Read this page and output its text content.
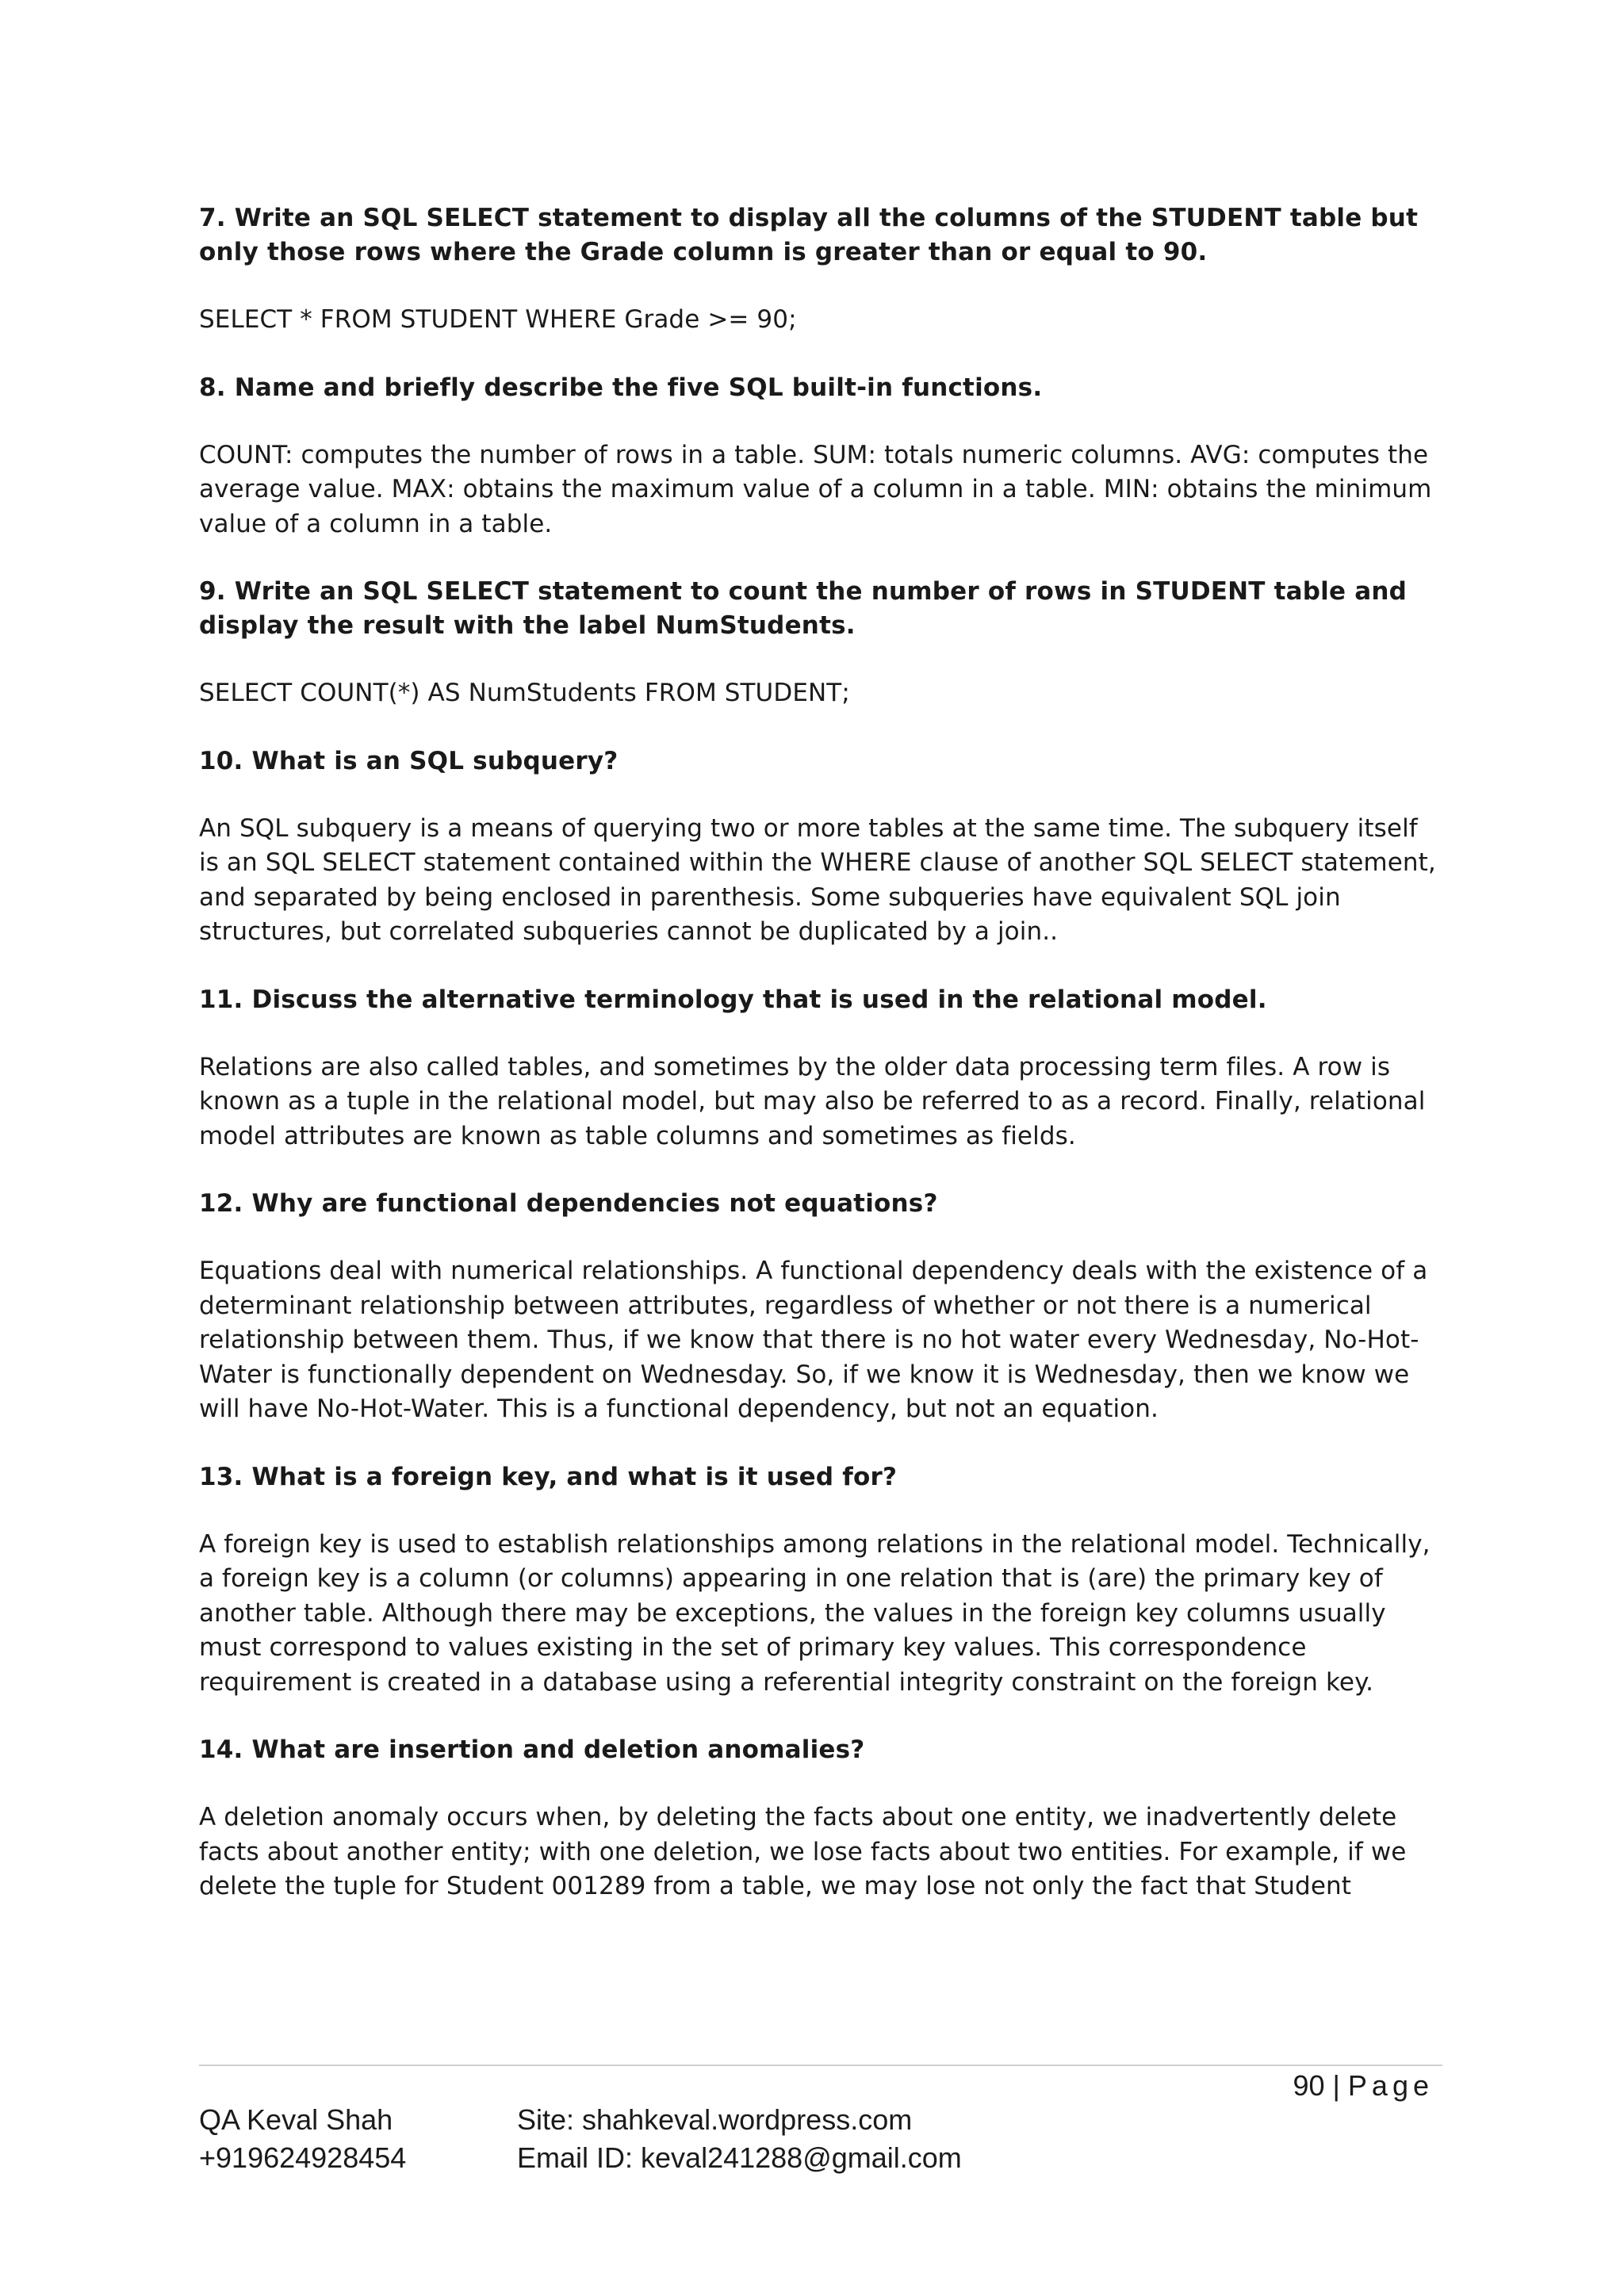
7. Write an SQL SELECT statement to display all the columns of the STUDENT table but only those rows where the Grade column is greater than or equal to 90.

SELECT * FROM STUDENT WHERE Grade >= 90;

8. Name and briefly describe the five SQL built-in functions.

COUNT: computes the number of rows in a table. SUM: totals numeric columns. AVG: computes the average value. MAX: obtains the maximum value of a column in a table. MIN: obtains the minimum value of a column in a table.

9. Write an SQL SELECT statement to count the number of rows in STUDENT table and display the result with the label NumStudents.

SELECT COUNT(*) AS NumStudents FROM STUDENT;

10. What is an SQL subquery?

An SQL subquery is a means of querying two or more tables at the same time. The subquery itself is an SQL SELECT statement contained within the WHERE clause of another SQL SELECT statement, and separated by being enclosed in parenthesis. Some subqueries have equivalent SQL join structures, but correlated subqueries cannot be duplicated by a join..

11. Discuss the alternative terminology that is used in the relational model.

Relations are also called tables, and sometimes by the older data processing term files. A row is known as a tuple in the relational model, but may also be referred to as a record. Finally, relational model attributes are known as table columns and sometimes as fields.

12. Why are functional dependencies not equations?

Equations deal with numerical relationships. A functional dependency deals with the existence of a determinant relationship between attributes, regardless of whether or not there is a numerical relationship between them. Thus, if we know that there is no hot water every Wednesday, No-Hot-Water is functionally dependent on Wednesday. So, if we know it is Wednesday, then we know we will have No-Hot-Water. This is a functional dependency, but not an equation.

13. What is a foreign key, and what is it used for?

A foreign key is used to establish relationships among relations in the relational model. Technically, a foreign key is a column (or columns) appearing in one relation that is (are) the primary key of another table. Although there may be exceptions, the values in the foreign key columns usually must correspond to values existing in the set of primary key values. This correspondence requirement is created in a database using a referential integrity constraint on the foreign key.

14. What are insertion and deletion anomalies?

A deletion anomaly occurs when, by deleting the facts about one entity, we inadvertently delete facts about another entity; with one deletion, we lose facts about two entities. For example, if we delete the tuple for Student 001289 from a table, we may lose not only the fact that Student

90 | Page
QA Keval Shah
+919624928454
Site: shahkeval.wordpress.com
Email ID: keval241288@gmail.com
